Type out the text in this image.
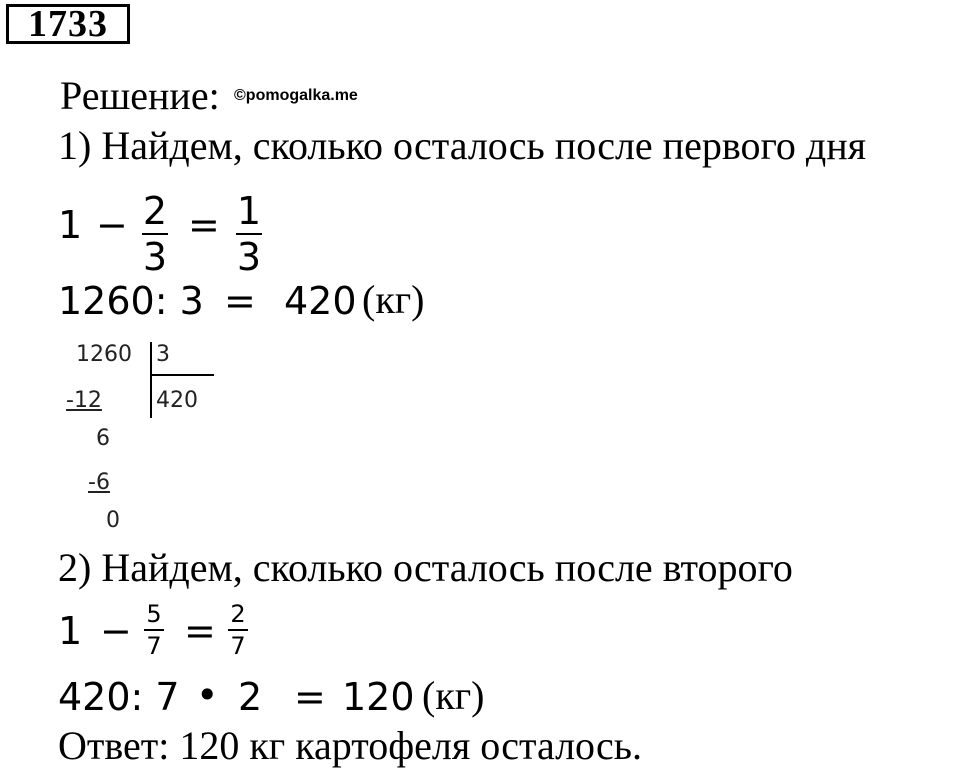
1733
Решение: ©pomogalka.me
1) Найдем, сколько осталось после первого дня
1 − 2
3
= 1
3
1260: 3 = 420 (кг)
1260 3
420
-12
6
-6
0
2) Найдем, сколько осталось после второго
1 − 5
7 = 2
7
420: 7 • 2 = 120 (кг)
Ответ: 120 кг картофеля осталось.
